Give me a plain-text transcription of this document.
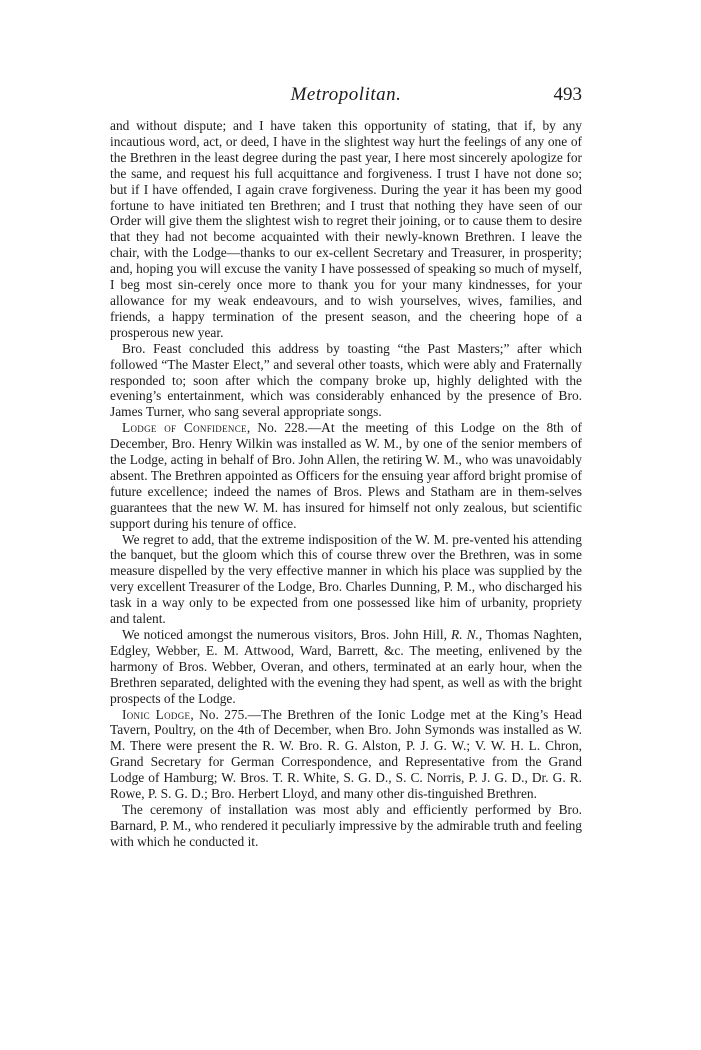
Metropolitan.	493

and without dispute; and I have taken this opportunity of stating, that if, by any incautious word, act, or deed, I have in the slightest way hurt the feelings of any one of the Brethren in the least degree during the past year, I here most sincerely apologize for the same, and request his full acquittance and forgiveness. I trust I have not done so; but if I have offended, I again crave forgiveness. During the year it has been my good fortune to have initiated ten Brethren; and I trust that nothing they have seen of our Order will give them the slightest wish to regret their joining, or to cause them to desire that they had not become acquainted with their newly-known Brethren. I leave the chair, with the Lodge—thanks to our ex-cellent Secretary and Treasurer, in prosperity; and, hoping you will excuse the vanity I have possessed of speaking so much of myself, I beg most sin-cerely once more to thank you for your many kindnesses, for your allowance for my weak endeavours, and to wish yourselves, wives, families, and friends, a happy termination of the present season, and the cheering hope of a prosperous new year.

Bro. Feast concluded this address by toasting “the Past Masters;” after which followed “The Master Elect,” and several other toasts, which were ably and Fraternally responded to; soon after which the company broke up, highly delighted with the evening’s entertainment, which was considerably enhanced by the presence of Bro. James Turner, who sang several appropriate songs.

Lodge of Confidence, No. 228.—At the meeting of this Lodge on the 8th of December, Bro. Henry Wilkin was installed as W. M., by one of the senior members of the Lodge, acting in behalf of Bro. John Allen, the retiring W. M., who was unavoidably absent. The Brethren appointed as Officers for the ensuing year afford bright promise of future excellence; indeed the names of Bros. Plews and Statham are in them-selves guarantees that the new W. M. has insured for himself not only zealous, but scientific support during his tenure of office.

We regret to add, that the extreme indisposition of the W. M. pre-vented his attending the banquet, but the gloom which this of course threw over the Brethren, was in some measure dispelled by the very effective manner in which his place was supplied by the very excellent Treasurer of the Lodge, Bro. Charles Dunning, P. M., who discharged his task in a way only to be expected from one possessed like him of urbanity, propriety and talent.

We noticed amongst the numerous visitors, Bros. John Hill, R. N., Thomas Naghten, Edgley, Webber, E. M. Attwood, Ward, Barrett, &c. The meeting, enlivened by the harmony of Bros. Webber, Overan, and others, terminated at an early hour, when the Brethren separated, delighted with the evening they had spent, as well as with the bright prospects of the Lodge.

Ionic Lodge, No. 275.—The Brethren of the Ionic Lodge met at the King’s Head Tavern, Poultry, on the 4th of December, when Bro. John Symonds was installed as W. M. There were present the R. W. Bro. R. G. Alston, P. J. G. W.; V. W. H. L. Chron, Grand Secretary for German Correspondence, and Representative from the Grand Lodge of Hamburg; W. Bros. T. R. White, S. G. D., S. C. Norris, P. J. G. D., Dr. G. R. Rowe, P. S. G. D.; Bro. Herbert Lloyd, and many other dis-tinguished Brethren.

The ceremony of installation was most ably and efficiently performed by Bro. Barnard, P. M., who rendered it peculiarly impressive by the admirable truth and feeling with which he conducted it.
